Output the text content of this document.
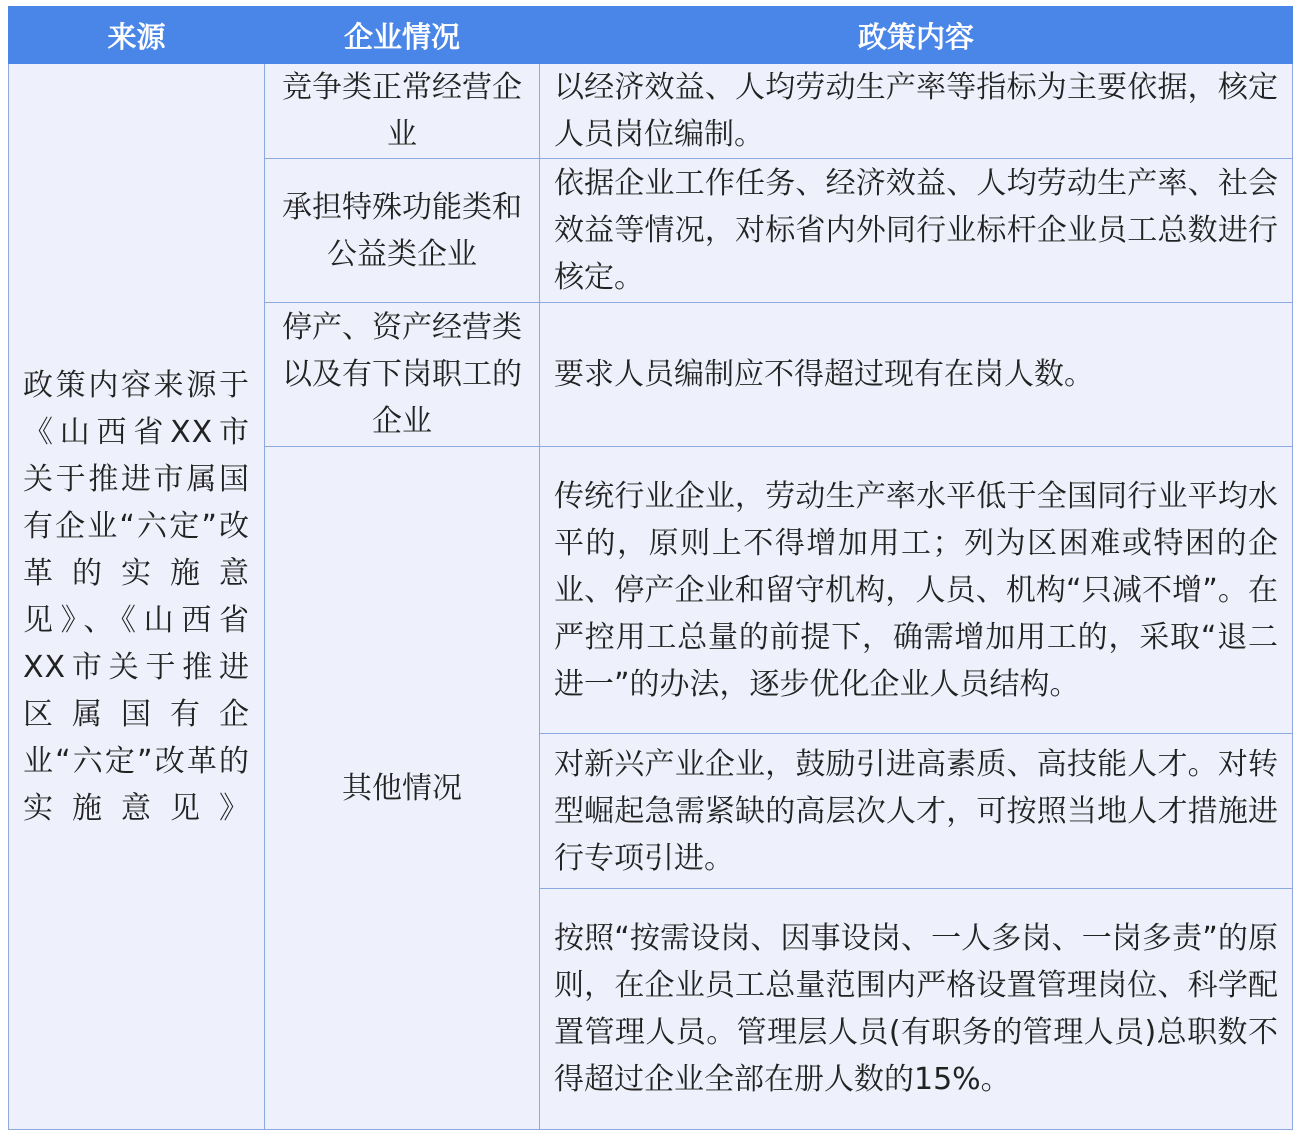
来源	企业情况	政策内容
政策内容来源于《山西省XX市关于推进市属国有企业“六定”改革的实施意见》、《山西省XX市关于推进区属国有企业“六定”改革的实施意见》	竞争类正常经营企业	以经济效益、人均劳动生产率等指标为主要依据，核定人员岗位编制。
	承担特殊功能类和公益类企业	依据企业工作任务、经济效益、人均劳动生产率、社会效益等情况，对标省内外同行业标杆企业员工总数进行核定。
	停产、资产经营类以及有下岗职工的企业	要求人员编制应不得超过现有在岗人数。
	其他情况	传统行业企业，劳动生产率水平低于全国同行业平均水平的，原则上不得增加用工；列为区困难或特困的企业、停产企业和留守机构，人员、机构“只减不增”。在严控用工总量的前提下，确需增加用工的，采取“退二进一”的办法，逐步优化企业人员结构。
		对新兴产业企业，鼓励引进高素质、高技能人才。对转型崛起急需紧缺的高层次人才，可按照当地人才措施进行专项引进。
		按照“按需设岗、因事设岗、一人多岗、一岗多责”的原则，在企业员工总量范围内严格设置管理岗位、科学配置管理人员。管理层人员(有职务的管理人员)总职数不得超过企业全部在册人数的15%。
